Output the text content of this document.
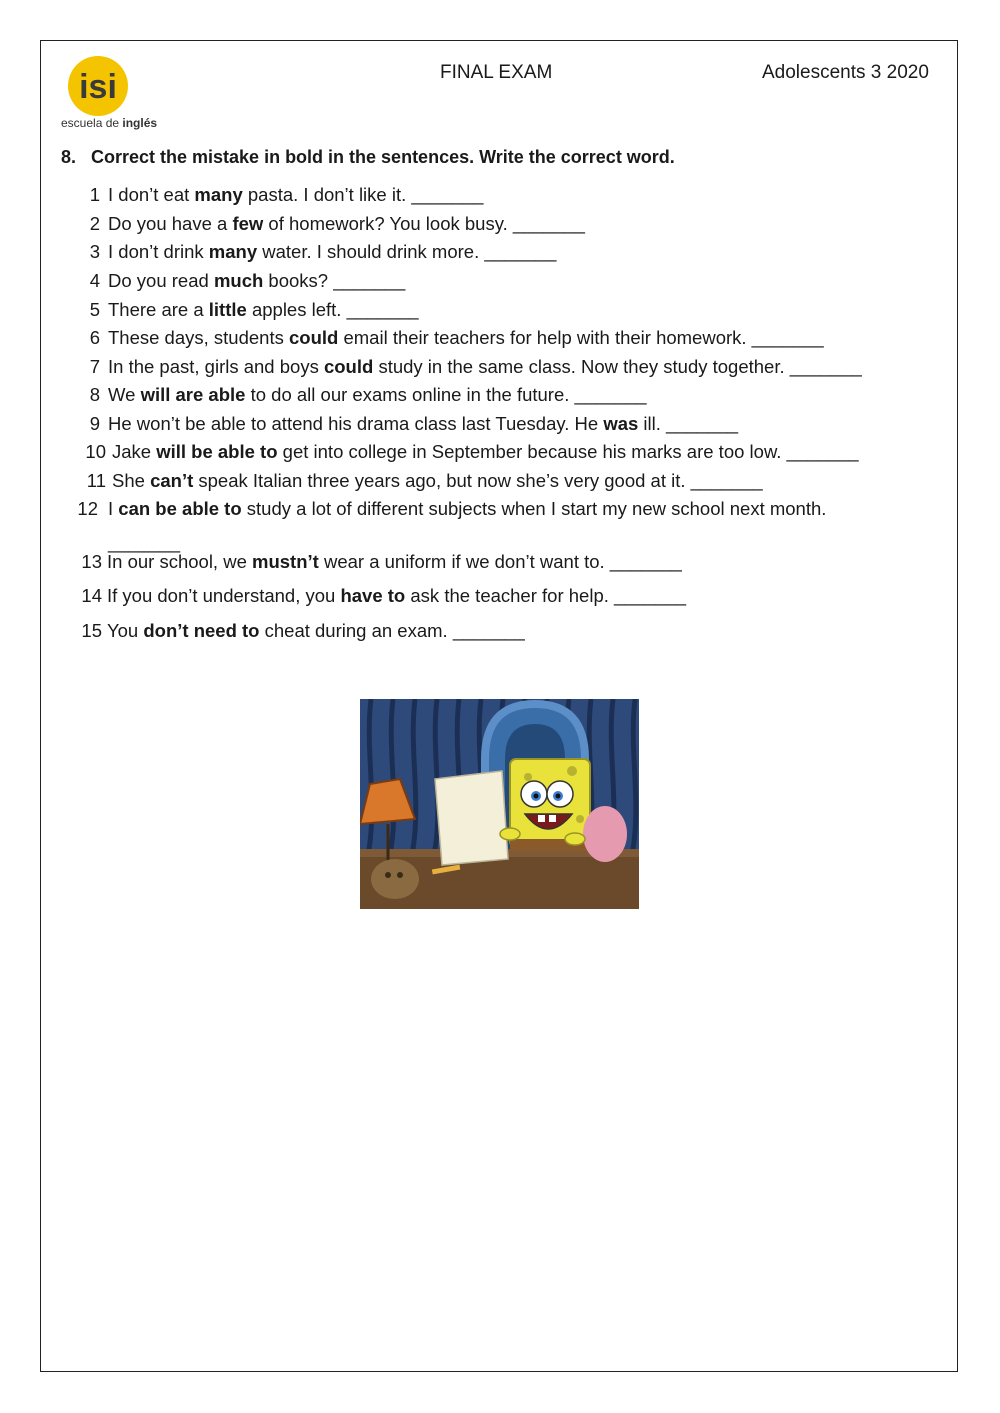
isi
escuela de inglés
FINAL EXAM	Adolescents 3 2020
8. Correct the mistake in bold in the sentences. Write the correct word.
1 I don’t eat many pasta. I don’t like it. _______
2 Do you have a few of homework? You look busy. _______
3 I don’t drink many water. I should drink more. _______
4 Do you read much books? _______
5 There are a little apples left. _______
6 These days, students could email their teachers for help with their homework. _______
7 In the past, girls and boys could study in the same class. Now they study together. _______
8 We will are able to do all our exams online in the future. _______
9 He won’t be able to attend his drama class last Tuesday. He was ill. _______
10 Jake will be able to get into college in September because his marks are too low. _______
11 She can’t speak Italian three years ago, but now she’s very good at it. _______
12 I can be able to study a lot of different subjects when I start my new school next month.
_______
13 In our school, we mustn’t wear a uniform if we don’t want to. _______
14 If you don’t understand, you have to ask the teacher for help. _______
15 You don’t need to cheat during an exam. _______
